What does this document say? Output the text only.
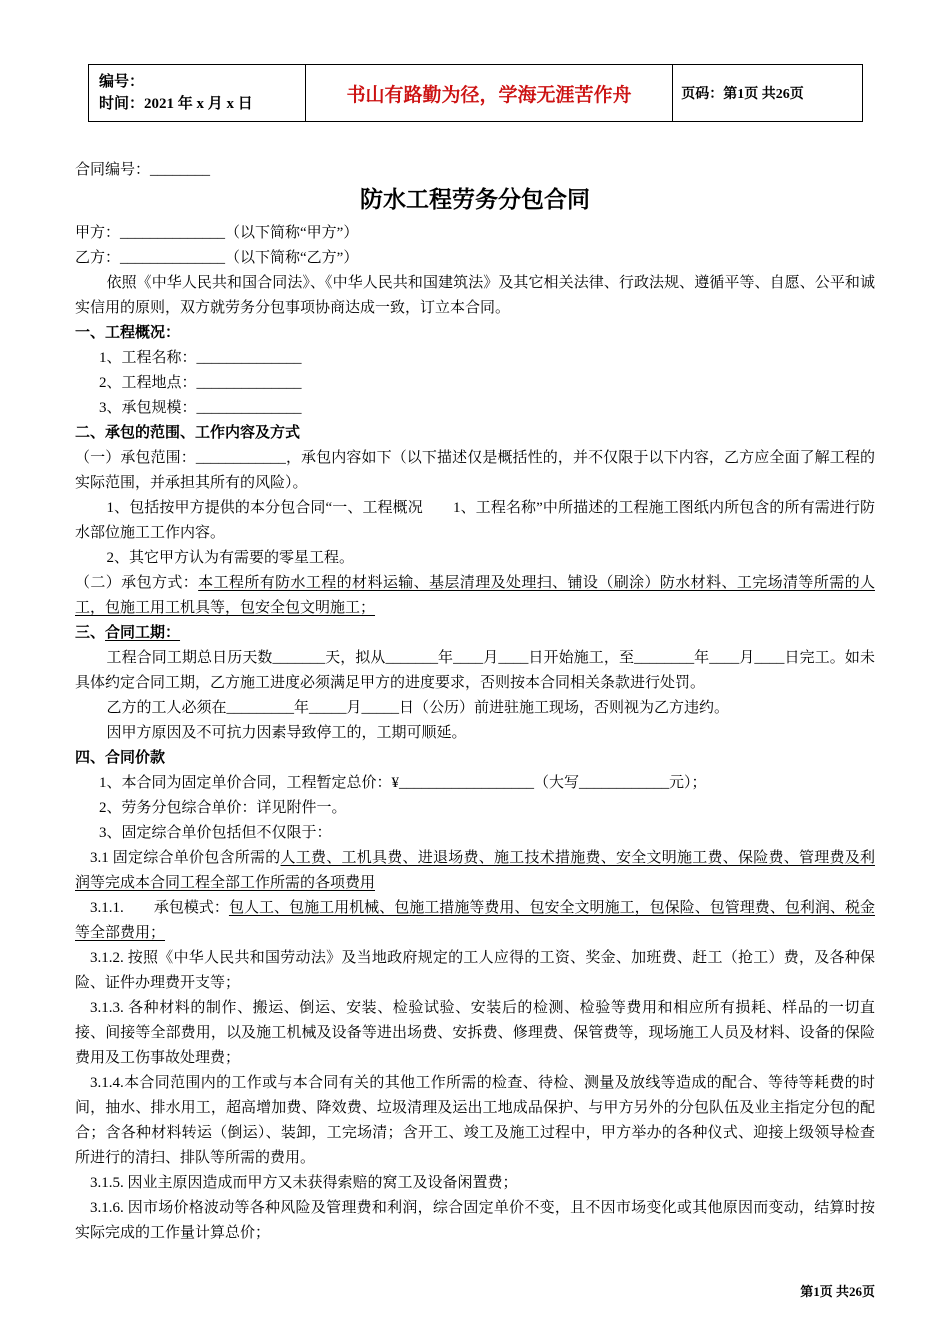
编号：
时间：2021 年 x 月 x 日	书山有路勤为径，学海无涯苦作舟	页码：第1页 共26页

合同编号：________

防水工程劳务分包合同

甲方：______________（以下简称“甲方”）

乙方：______________（以下简称“乙方”）

依照《中华人民共和国合同法》、《中华人民共和国建筑法》及其它相关法律、行政法规、遵循平等、自愿、公平和诚实信用的原则，双方就劳务分包事项协商达成一致，订立本合同。

一、工程概况：

1、工程名称：______________

2、工程地点：______________

3、承包规模：______________

二、承包的范围、工作内容及方式

（一）承包范围：____________，承包内容如下（以下描述仅是概括性的，并不仅限于以下内容，乙方应全面了解工程的实际范围，并承担其所有的风险）。

1、包括按甲方提供的本分包合同“一、工程概况　　1、工程名称”中所描述的工程施工图纸内所包含的所有需进行防水部位施工工作内容。

2、其它甲方认为有需要的零星工程。

（二）承包方式：本工程所有防水工程的材料运输、基层清理及处理扫、铺设（刷涂）防水材料、工完场清等所需的人工，包施工用工机具等，包安全包文明施工；

三、合同工期：

工程合同工期总日历天数_______天，拟从_______年____月____日开始施工，至________年____月____日完工。如未具体约定合同工期，乙方施工进度必须满足甲方的进度要求，否则按本合同相关条款进行处罚。

乙方的工人必须在_________年_____月_____日（公历）前进驻施工现场，否则视为乙方违约。

因甲方原因及不可抗力因素导致停工的，工期可顺延。

四、合同价款

1、本合同为固定单价合同，工程暂定总价：¥__________________（大写____________元）；

2、劳务分包综合单价：详见附件一。

3、固定综合单价包括但不仅限于：

3.1 固定综合单价包含所需的人工费、工机具费、进退场费、施工技术措施费、安全文明施工费、保险费、管理费及利润等完成本合同工程全部工作所需的各项费用

3.1.1.　　承包模式：包人工、包施工用机械、包施工措施等费用、包安全文明施工，包保险、包管理费、包利润、税金等全部费用；

3.1.2. 按照《中华人民共和国劳动法》及当地政府规定的工人应得的工资、奖金、加班费、赶工（抢工）费，及各种保险、证件办理费开支等；

3.1.3. 各种材料的制作、搬运、倒运、安装、检验试验、安装后的检测、检验等费用和相应所有损耗、样品的一切直接、间接等全部费用，以及施工机械及设备等进出场费、安拆费、修理费、保管费等，现场施工人员及材料、设备的保险费用及工伤事故处理费；

3.1.4.本合同范围内的工作或与本合同有关的其他工作所需的检查、待检、测量及放线等造成的配合、等待等耗费的时间，抽水、排水用工，超高增加费、降效费、垃圾清理及运出工地成品保护、与甲方另外的分包队伍及业主指定分包的配合；含各种材料转运（倒运）、装卸，工完场清；含开工、竣工及施工过程中，甲方举办的各种仪式、迎接上级领导检查所进行的清扫、排队等所需的费用。

3.1.5. 因业主原因造成而甲方又未获得索赔的窝工及设备闲置费；

3.1.6. 因市场价格波动等各种风险及管理费和利润，综合固定单价不变，且不因市场变化或其他原因而变动，结算时按实际完成的工作量计算总价；

第1页 共26页
